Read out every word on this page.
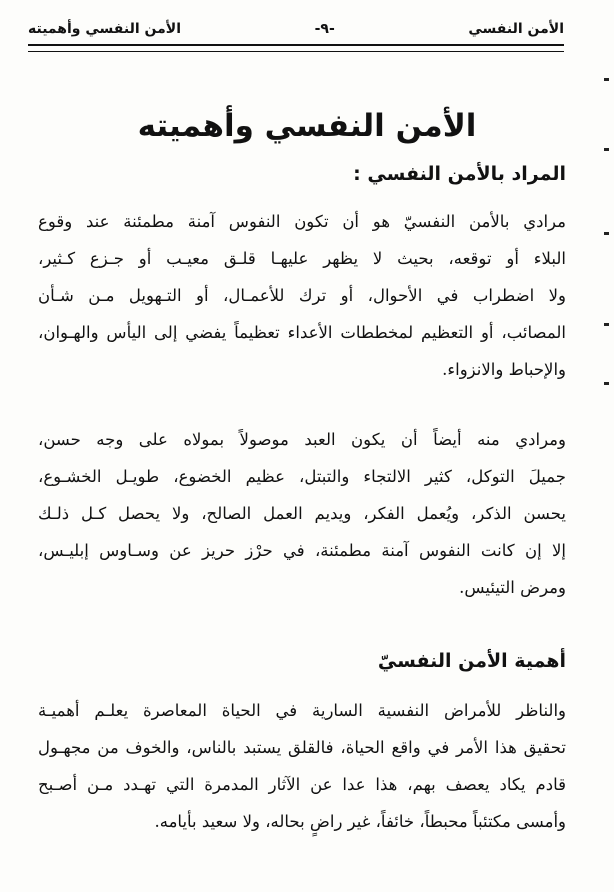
الأمن النفسي
-٩-
الأمن النفسي وأهميته
الأمن النفسي وأهميته
المراد بالأمن النفسي :

مرادي بالأمن النفسيّ هو أن تكون النفوس آمنة مطمئنة عند وقوع
البلاء أو توقعه، بحيث لا يظهر عليهـا قلـق معيـب أو جـزع كـثير،
ولا اضطراب في الأحوال، أو ترك للأعمـال، أو التـهويل مـن شـأن
المصائب، أو التعظيم لمخططات الأعداء تعظيماً يفضي إلى اليأس والهـوان،
والإحباط والانزواء.

ومرادي منه أيضاً أن يكون العبد موصولاً بمولاه على وجه حسن،
جميلَ التوكل، كثير الالتجاء والتبتل، عظيم الخضوع، طويـل الخشـوع،
يحسن الذكر، ويُعمل الفكر، ويديم العمل الصالح، ولا يحصل كـل ذلـك
إلا إن كانت النفوس آمنة مطمئنة، في حرْز حريز عن وسـاوس إبليـس،
ومرض التيئيس.

أهمية الأمن النفسيّ

والناظر للأمراض النفسية السارية في الحياة المعاصرة يعلـم أهميـة
تحقيق هذا الأمر في واقع الحياة، فالقلق يستبد بالناس، والخوف من مجهـول
قادم يكاد يعصف بهم، هذا عدا عن الآثار المدمرة التي تهـدد مـن أصـبح
وأمسى مكتئباً محبطاً، خائفاً، غير راضٍ بحاله، ولا سعيد بأيامه.
